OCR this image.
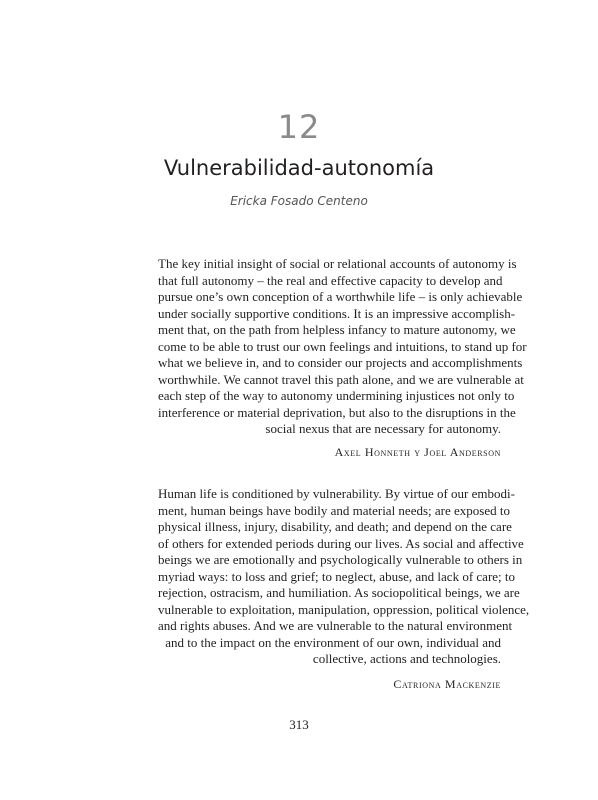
12
Vulnerabilidad-autonomía
Ericka Fosado Centeno
The key initial insight of social or relational accounts of autonomy is
that full autonomy – the real and effective capacity to develop and
pursue one’s own conception of a worthwhile life – is only achievable
under socially supportive conditions. It is an impressive accomplish-
ment that, on the path from helpless infancy to mature autonomy, we
come to be able to trust our own feelings and intuitions, to stand up for
what we believe in, and to consider our projects and accomplishments
worthwhile. We cannot travel this path alone, and we are vulnerable at
each step of the way to autonomy undermining injustices not only to
interference or material deprivation, but also to the disruptions in the
social nexus that are necessary for autonomy.
Axel Honneth y Joel Anderson
Human life is conditioned by vulnerability. By virtue of our embodi-
ment, human beings have bodily and material needs; are exposed to
physical illness, injury, disability, and death; and depend on the care
of others for extended periods during our lives. As social and affective
beings we are emotionally and psychologically vulnerable to others in
myriad ways: to loss and grief; to neglect, abuse, and lack of care; to
rejection, ostracism, and humiliation. As sociopolitical beings, we are
vulnerable to exploitation, manipulation, oppression, political violence,
and rights abuses. And we are vulnerable to the natural environment
and to the impact on the environment of our own, individual and
collective, actions and technologies.
Catriona Mackenzie
313
